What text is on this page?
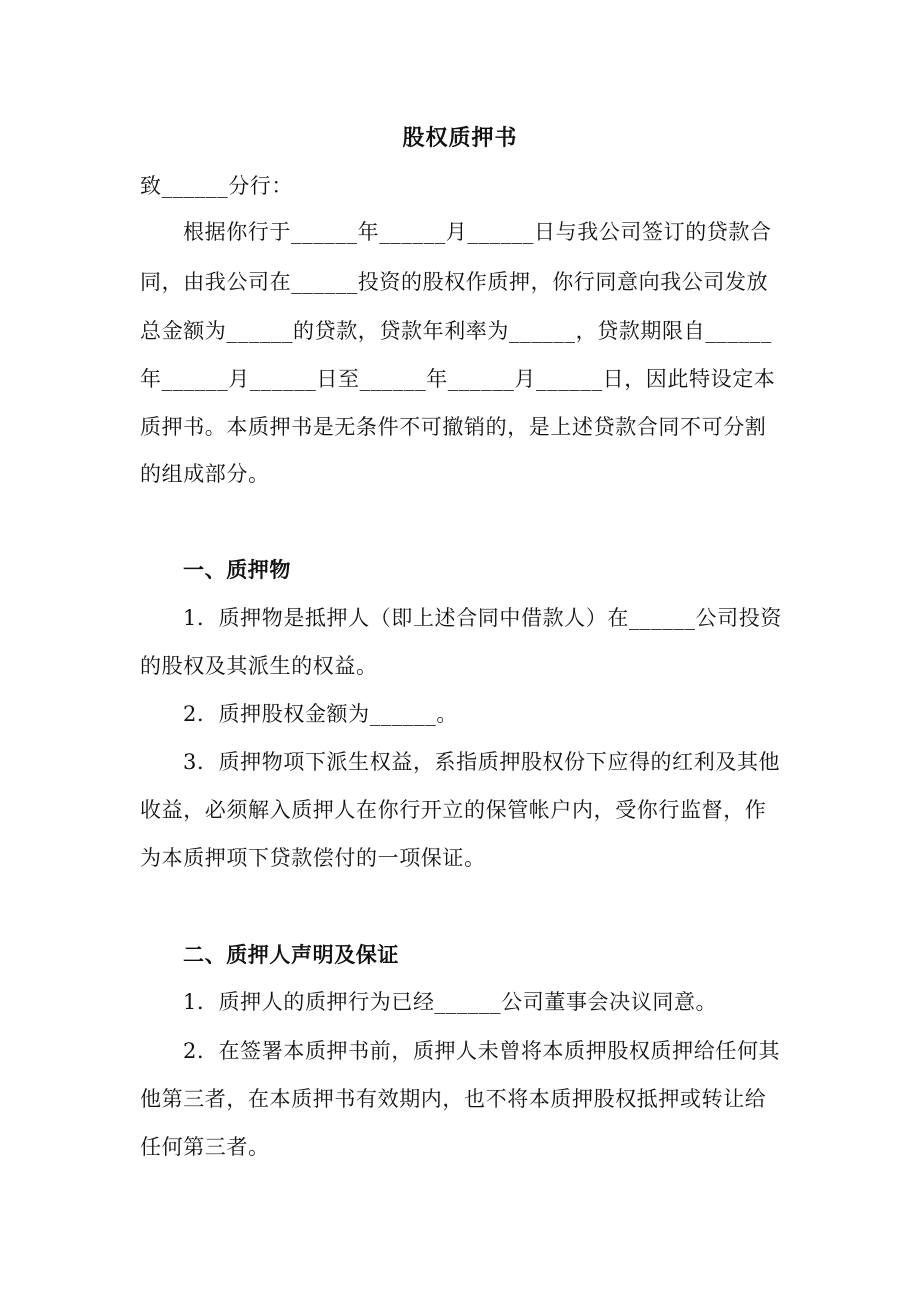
股权质押书
致______分行：
根据你行于______年______月______日与我公司签订的贷款合
同，由我公司在______投资的股权作质押，你行同意向我公司发放
总金额为______的贷款，贷款年利率为______，贷款期限自______
年______月______日至______年______月______日，因此特设定本
质押书。本质押书是无条件不可撤销的，是上述贷款合同不可分割
的组成部分。
一、质押物
1．质押物是抵押人（即上述合同中借款人）在______公司投资
的股权及其派生的权益。
2．质押股权金额为______。
3．质押物项下派生权益，系指质押股权份下应得的红利及其他
收益，必须解入质押人在你行开立的保管帐户内，受你行监督，作
为本质押项下贷款偿付的一项保证。
二、质押人声明及保证
1．质押人的质押行为已经______公司董事会决议同意。
2．在签署本质押书前，质押人未曾将本质押股权质押给任何其
他第三者，在本质押书有效期内，也不将本质押股权抵押或转让给
任何第三者。
